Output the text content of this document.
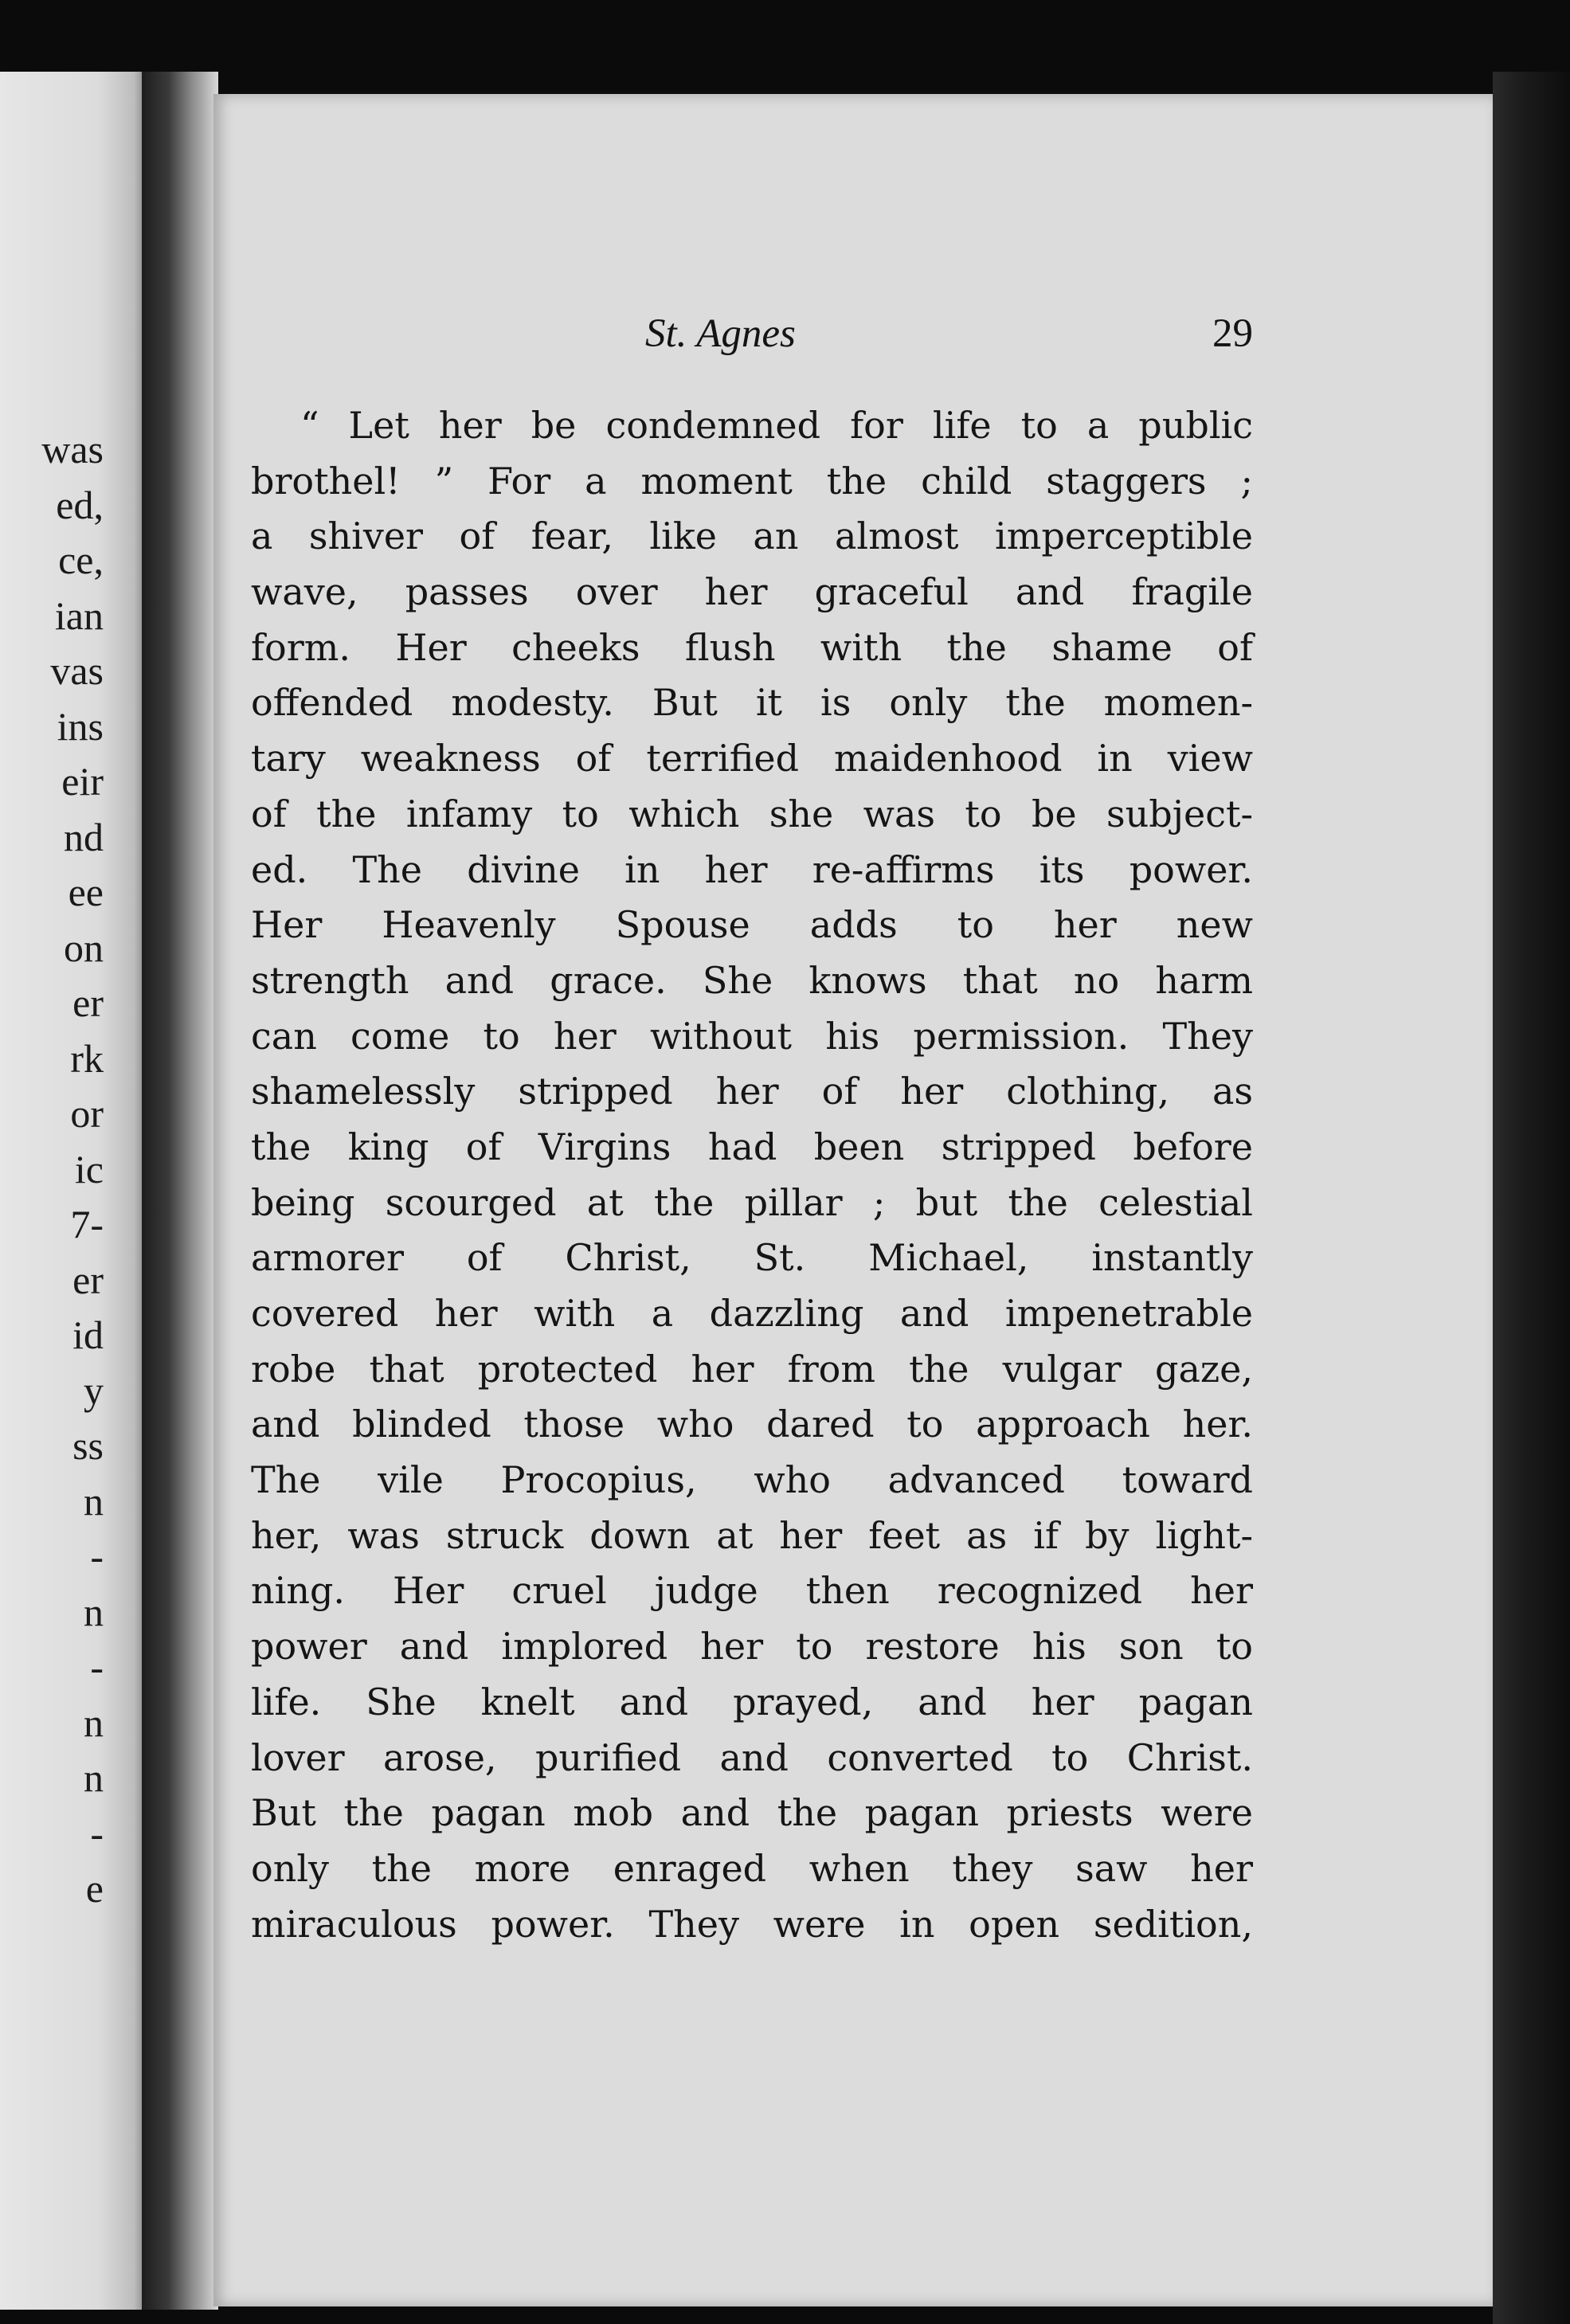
was
ed,
ce,
ian
vas
ins
eir
nd
ee
on
er
rk
or
ic
7-
er
id
y
ss
n
-
n
-
n
n
-
e
St. Agnes	29
“ Let her be condemned for life to a public
brothel! ” For a moment the child staggers ;
a shiver of fear, like an almost imperceptible
wave, passes over her graceful and fragile
form. Her cheeks flush with the shame of
offended modesty. But it is only the momen-
tary weakness of terrified maidenhood in view
of the infamy to which she was to be subject-
ed. The divine in her re-affirms its power.
Her Heavenly Spouse adds to her new
strength and grace. She knows that no harm
can come to her without his permission. They
shamelessly stripped her of her clothing, as
the king of Virgins had been stripped before
being scourged at the pillar ; but the celestial
armorer of Christ, St. Michael, instantly
covered her with a dazzling and impenetrable
robe that protected her from the vulgar gaze,
and blinded those who dared to approach her.
The vile Procopius, who advanced toward
her, was struck down at her feet as if by light-
ning. Her cruel judge then recognized her
power and implored her to restore his son to
life. She knelt and prayed, and her pagan
lover arose, purified and converted to Christ.
But the pagan mob and the pagan priests were
only the more enraged when they saw her
miraculous power. They were in open sedition,
